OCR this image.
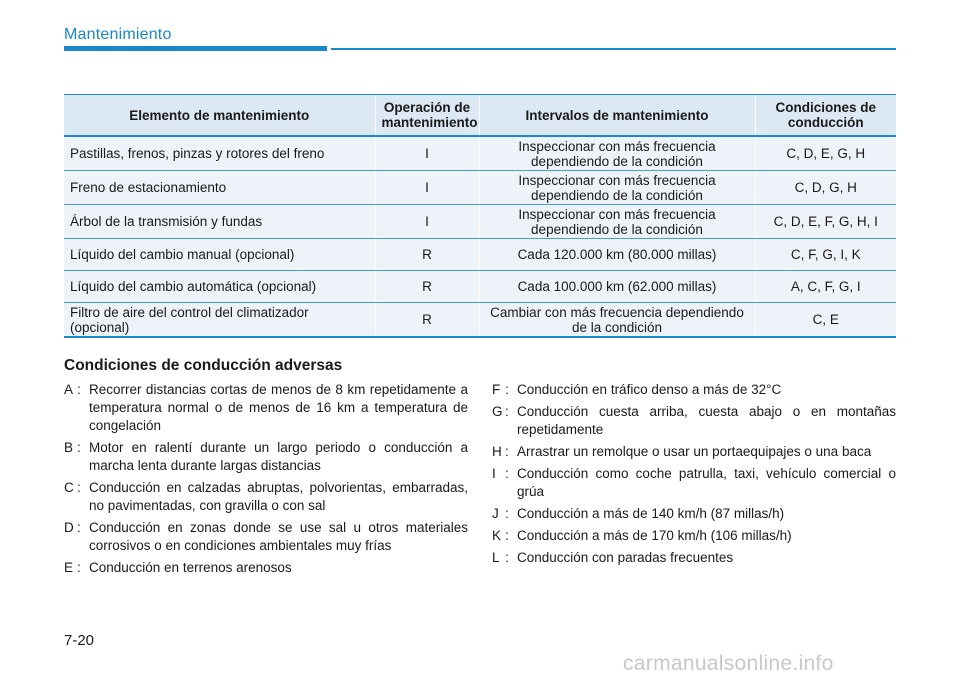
Mantenimiento
Elemento de mantenimiento	Operación de mantenimiento	Intervalos de mantenimiento	Condiciones de conducción
Pastillas, frenos, pinzas y rotores del freno	I	Inspeccionar con más frecuencia dependiendo de la condición	C, D, E, G, H
Freno de estacionamiento	I	Inspeccionar con más frecuencia dependiendo de la condición	C, D, G, H
Árbol de la transmisión y fundas	I	Inspeccionar con más frecuencia dependiendo de la condición	C, D, E, F, G, H, I
Líquido del cambio manual (opcional)	R	Cada 120.000 km (80.000 millas)	C, F, G, I, K
Líquido del cambio automática (opcional)	R	Cada 100.000 km (62.000 millas)	A, C, F, G, I
Filtro de aire del control del climatizador (opcional)	R	Cambiar con más frecuencia dependiendo de la condición	C, E
Condiciones de conducción adversas
A : Recorrer distancias cortas de menos de 8 km repetidamente a temperatura normal o de menos de 16 km a temperatura de congelación
B : Motor en ralentí durante un largo periodo o conducción a marcha lenta durante largas distancias
C : Conducción en calzadas abruptas, polvorientas, embarradas, no pavimentadas, con gravilla o con sal
D : Conducción en zonas donde se use sal u otros materiales corrosivos o en condiciones ambientales muy frías
E : Conducción en terrenos arenosos
F : Conducción en tráfico denso a más de 32°C
G : Conducción cuesta arriba, cuesta abajo o en montañas repetidamente
H : Arrastrar un remolque o usar un portaequipajes o una baca
I : Conducción como coche patrulla, taxi, vehículo comercial o grúa
J : Conducción a más de 140 km/h (87 millas/h)
K : Conducción a más de 170 km/h (106 millas/h)
L : Conducción con paradas frecuentes
7-20
carmanualsonline.info
